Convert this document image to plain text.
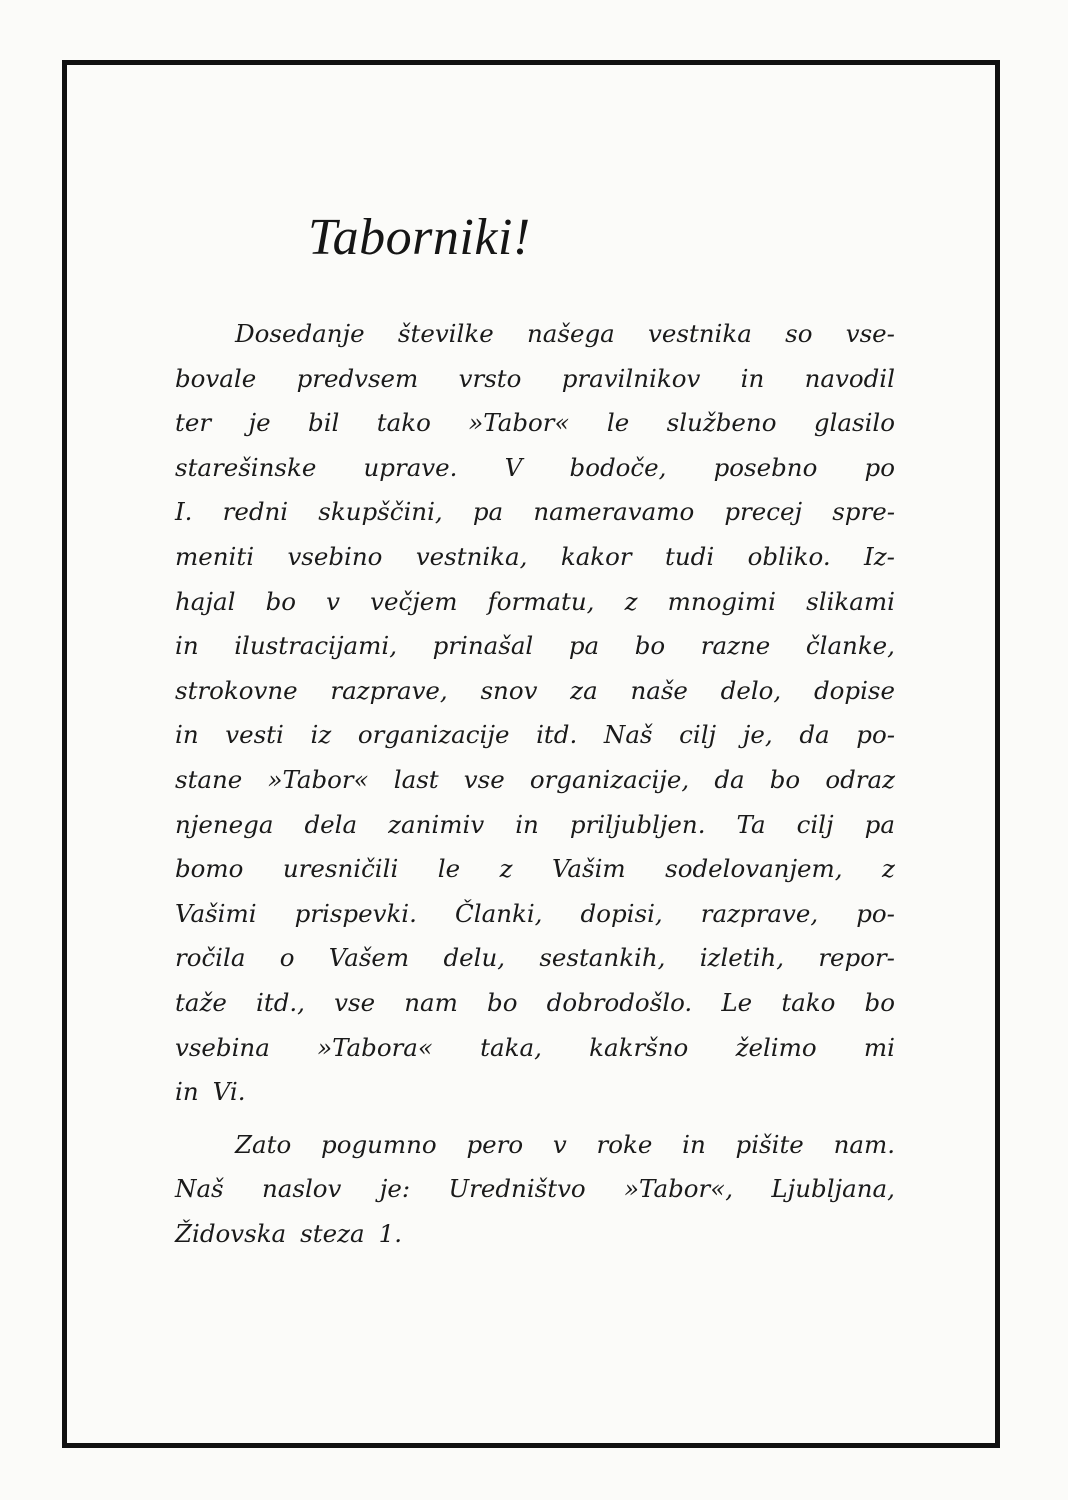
Taborniki!
Dosedanje številke našega vestnika so vse-
bovale predvsem vrsto pravilnikov in navodil
ter je bil tako »Tabor« le službeno glasilo
starešinske uprave. V bodoče, posebno po
I. redni skupščini, pa nameravamo precej spre-
meniti vsebino vestnika, kakor tudi obliko. Iz-
hajal bo v večjem formatu, z mnogimi slikami
in ilustracijami, prinašal pa bo razne članke,
strokovne razprave, snov za naše delo, dopise
in vesti iz organizacije itd. Naš cilj je, da po-
stane »Tabor« last vse organizacije, da bo odraz
njenega dela zanimiv in priljubljen. Ta cilj pa
bomo uresničili le z Vašim sodelovanjem, z
Vašimi prispevki. Članki, dopisi, razprave, po-
ročila o Vašem delu, sestankih, izletih, repor-
taže itd., vse nam bo dobrodošlo. Le tako bo
vsebina »Tabora« taka, kakršno želimo mi
in Vi.
Zato pogumno pero v roke in pišite nam.
Naš naslov je: Uredništvo »Tabor«, Ljubljana,
Židovska steza 1.
